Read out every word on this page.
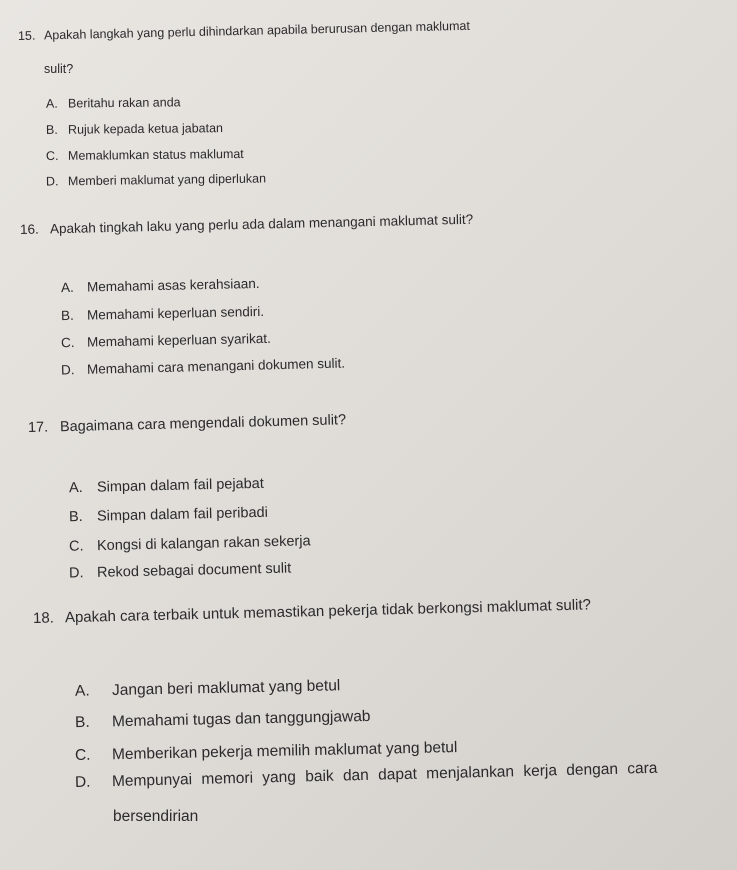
15. Apakah langkah yang perlu dihindarkan apabila berurusan dengan maklumat
sulit?
A. Beritahu rakan anda
B. Rujuk kepada ketua jabatan
C. Memaklumkan status maklumat
D. Memberi maklumat yang diperlukan
16. Apakah tingkah laku yang perlu ada dalam menangani maklumat sulit?
A. Memahami asas kerahsiaan.
B. Memahami keperluan sendiri.
C. Memahami keperluan syarikat.
D. Memahami cara menangani dokumen sulit.
17. Bagaimana cara mengendali dokumen sulit?
A. Simpan dalam fail pejabat
B. Simpan dalam fail peribadi
C. Kongsi di kalangan rakan sekerja
D. Rekod sebagai document sulit
18. Apakah cara terbaik untuk memastikan pekerja tidak berkongsi maklumat sulit?
A. Jangan beri maklumat yang betul
B. Memahami tugas dan tanggungjawab
C. Memberikan pekerja memilih maklumat yang betul
D. Mempunyai memori yang baik dan dapat menjalankan kerja dengan cara
bersendirian
